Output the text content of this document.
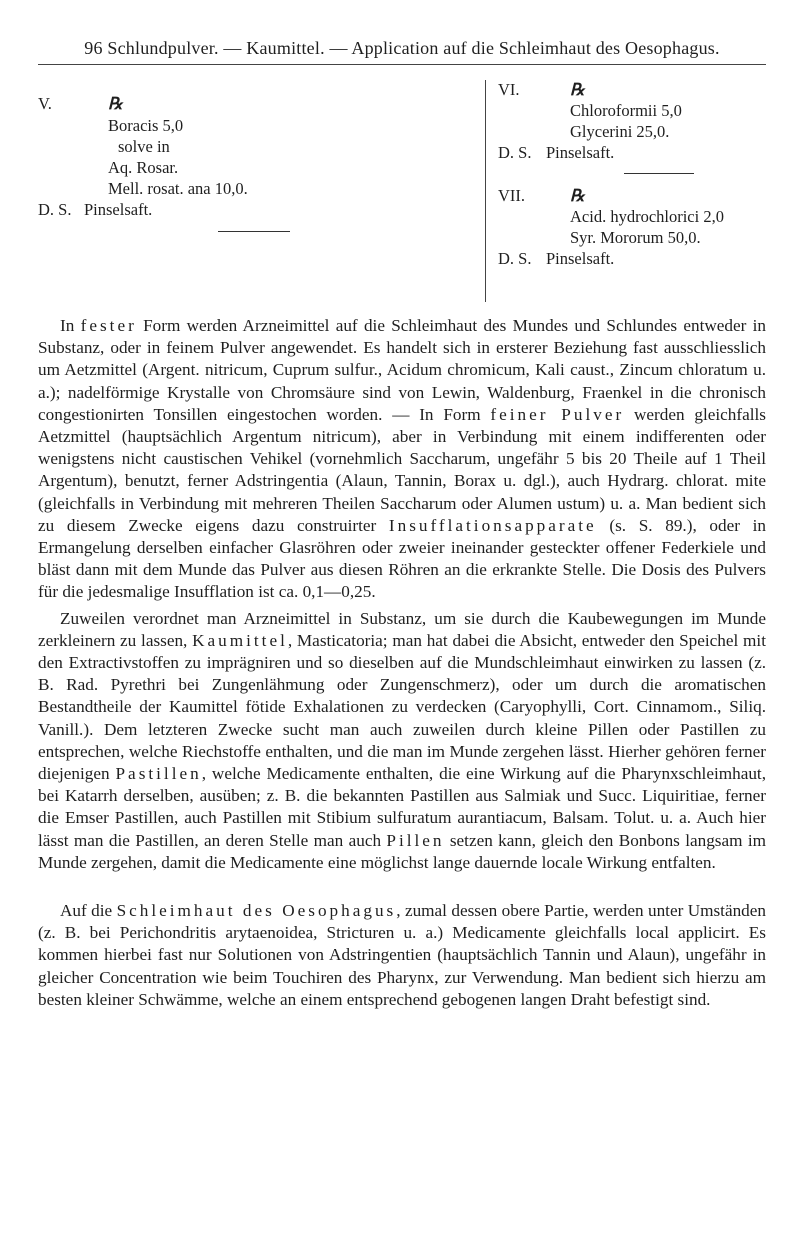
96 Schlundpulver. — Kaumittel. — Application auf die Schleimhaut des Oesophagus.
V.	℞
Boracis 5,0
solve in
Aq. Rosar.
Mell. rosat. ana 10,0.
D. S. Pinselsaft.
VI.	℞
Chloroformii 5,0
Glycerini 25,0.
D. S. Pinselsaft.
VII.	℞
Acid. hydrochlorici 2,0
Syr. Mororum 50,0.
D. S. Pinselsaft.

In fester Form werden Arzneimittel auf die Schleimhaut des Mundes und Schlundes entweder in Substanz, oder in feinem Pulver angewendet. Es handelt sich in ersterer Beziehung fast ausschliesslich um Aetzmittel (Argent. nitricum, Cuprum sulfur., Acidum chromicum, Kali caust., Zincum chloratum u. a.); nadelförmige Krystalle von Chromsäure sind von Lewin, Waldenburg, Fraenkel in die chronisch congestionirten Tonsillen eingestochen worden. — In Form feiner Pulver werden gleichfalls Aetzmittel (hauptsächlich Argentum nitricum), aber in Verbindung mit einem indifferenten oder wenigstens nicht caustischen Vehikel (vornehmlich Saccharum, ungefähr 5 bis 20 Theile auf 1 Theil Argentum), benutzt, ferner Adstringentia (Alaun, Tannin, Borax u. dgl.), auch Hydrarg. chlorat. mite (gleichfalls in Verbindung mit mehreren Theilen Saccharum oder Alumen ustum) u. a. Man bedient sich zu diesem Zwecke eigens dazu construirter Insufflationsapparate (s. S. 89.), oder in Ermangelung derselben einfacher Glasröhren oder zweier ineinander gesteckter offener Federkiele und bläst dann mit dem Munde das Pulver aus diesen Röhren an die erkrankte Stelle. Die Dosis des Pulvers für die jedesmalige Insufflation ist ca. 0,1—0,25.

Zuweilen verordnet man Arzneimittel in Substanz, um sie durch die Kaubewegungen im Munde zerkleinern zu lassen, Kaumittel, Masticatoria; man hat dabei die Absicht, entweder den Speichel mit den Extractivstoffen zu imprägniren und so dieselben auf die Mundschleimhaut einwirken zu lassen (z. B. Rad. Pyrethri bei Zungenlähmung oder Zungenschmerz), oder um durch die aromatischen Bestandtheile der Kaumittel fötide Exhalationen zu verdecken (Caryophylli, Cort. Cinnamom., Siliq. Vanill.). Dem letzteren Zwecke sucht man auch zuweilen durch kleine Pillen oder Pastillen zu entsprechen, welche Riechstoffe enthalten, und die man im Munde zergehen lässt. Hierher gehören ferner diejenigen Pastillen, welche Medicamente enthalten, die eine Wirkung auf die Pharynxschleimhaut, bei Katarrh derselben, ausüben; z. B. die bekannten Pastillen aus Salmiak und Succ. Liquiritiae, ferner die Emser Pastillen, auch Pastillen mit Stibium sulfuratum aurantiacum, Balsam. Tolut. u. a. Auch hier lässt man die Pastillen, an deren Stelle man auch Pillen setzen kann, gleich den Bonbons langsam im Munde zergehen, damit die Medicamente eine möglichst lange dauernde locale Wirkung entfalten.

Auf die Schleimhaut des Oesophagus, zumal dessen obere Partie, werden unter Umständen (z. B. bei Perichondritis arytaenoidea, Stricturen u. a.) Medicamente gleichfalls local applicirt. Es kommen hierbei fast nur Solutionen von Adstringentien (hauptsächlich Tannin und Alaun), ungefähr in gleicher Concentration wie beim Touchiren des Pharynx, zur Verwendung. Man bedient sich hierzu am besten kleiner Schwämme, welche an einem entsprechend gebogenen langen Draht befestigt sind.
